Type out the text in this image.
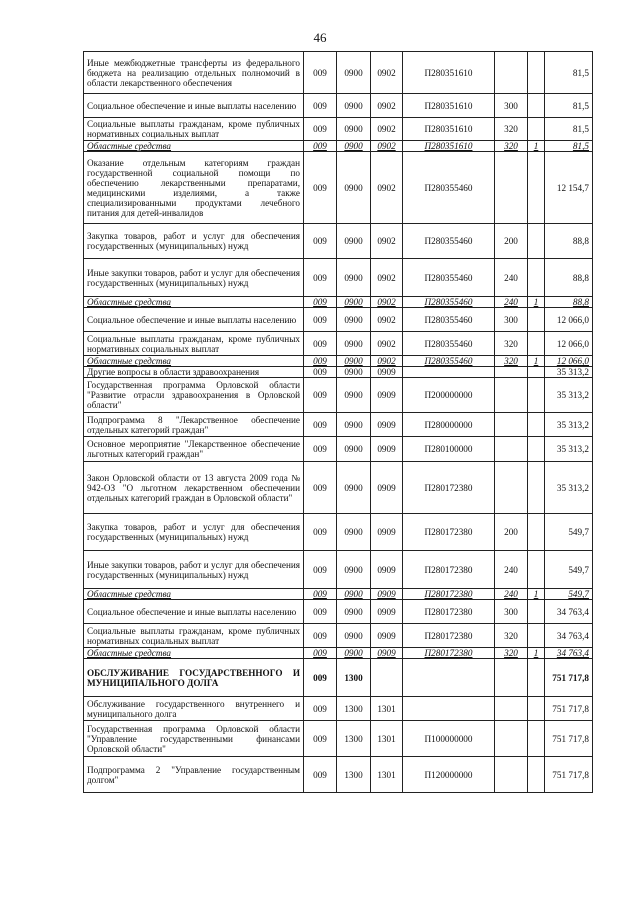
46
Иные межбюджетные трансферты из федерального бюджета на реализацию отдельных полномочий в области лекарственного обеспечения	009	0900	0902	П280351610			81,5
Социальное обеспечение и иные выплаты населению	009	0900	0902	П280351610	300		81,5
Социальные выплаты гражданам, кроме публичных нормативных социальных выплат	009	0900	0902	П280351610	320		81,5
Областные средства	009	0900	0902	П280351610	320	1	81,5
Оказание отдельным категориям граждан государственной социальной помощи по обеспечению лекарственными препаратами, медицинскими изделиями, а также специализированными продуктами лечебного питания для детей-инвалидов	009	0900	0902	П280355460			12 154,7
Закупка товаров, работ и услуг для обеспечения государственных (муниципальных) нужд	009	0900	0902	П280355460	200		88,8
Иные закупки товаров, работ и услуг для обеспечения государственных (муниципальных) нужд	009	0900	0902	П280355460	240		88,8
Областные средства	009	0900	0902	П280355460	240	1	88,8
Социальное обеспечение и иные выплаты населению	009	0900	0902	П280355460	300		12 066,0
Социальные выплаты гражданам, кроме публичных нормативных социальных выплат	009	0900	0902	П280355460	320		12 066,0
Областные средства	009	0900	0902	П280355460	320	1	12 066,0
Другие вопросы в области здравоохранения	009	0900	0909				35 313,2
Государственная программа Орловской области "Развитие отрасли здравоохранения в Орловской области"	009	0900	0909	П200000000			35 313,2
Подпрограмма 8 "Лекарственное обеспечение отдельных категорий граждан"	009	0900	0909	П280000000			35 313,2
Основное мероприятие "Лекарственное обеспечение льготных категорий граждан"	009	0900	0909	П280100000			35 313,2
Закон Орловской области от 13 августа 2009 года № 942-ОЗ "О льготном лекарственном обеспечении отдельных категорий граждан в Орловской области"	009	0900	0909	П280172380			35 313,2
Закупка товаров, работ и услуг для обеспечения государственных (муниципальных) нужд	009	0900	0909	П280172380	200		549,7
Иные закупки товаров, работ и услуг для обеспечения государственных (муниципальных) нужд	009	0900	0909	П280172380	240		549,7
Областные средства	009	0900	0909	П280172380	240	1	549,7
Социальное обеспечение и иные выплаты населению	009	0900	0909	П280172380	300		34 763,4
Социальные выплаты гражданам, кроме публичных нормативных социальных выплат	009	0900	0909	П280172380	320		34 763,4
Областные средства	009	0900	0909	П280172380	320	1	34 763,4
ОБСЛУЖИВАНИЕ ГОСУДАРСТВЕННОГО И МУНИЦИПАЛЬНОГО ДОЛГА	009	1300					751 717,8
Обслуживание государственного внутреннего и муниципального долга	009	1300	1301				751 717,8
Государственная программа Орловской области "Управление государственными финансами Орловской области"	009	1300	1301	П100000000			751 717,8
Подпрограмма 2 "Управление государственным долгом"	009	1300	1301	П120000000			751 717,8
